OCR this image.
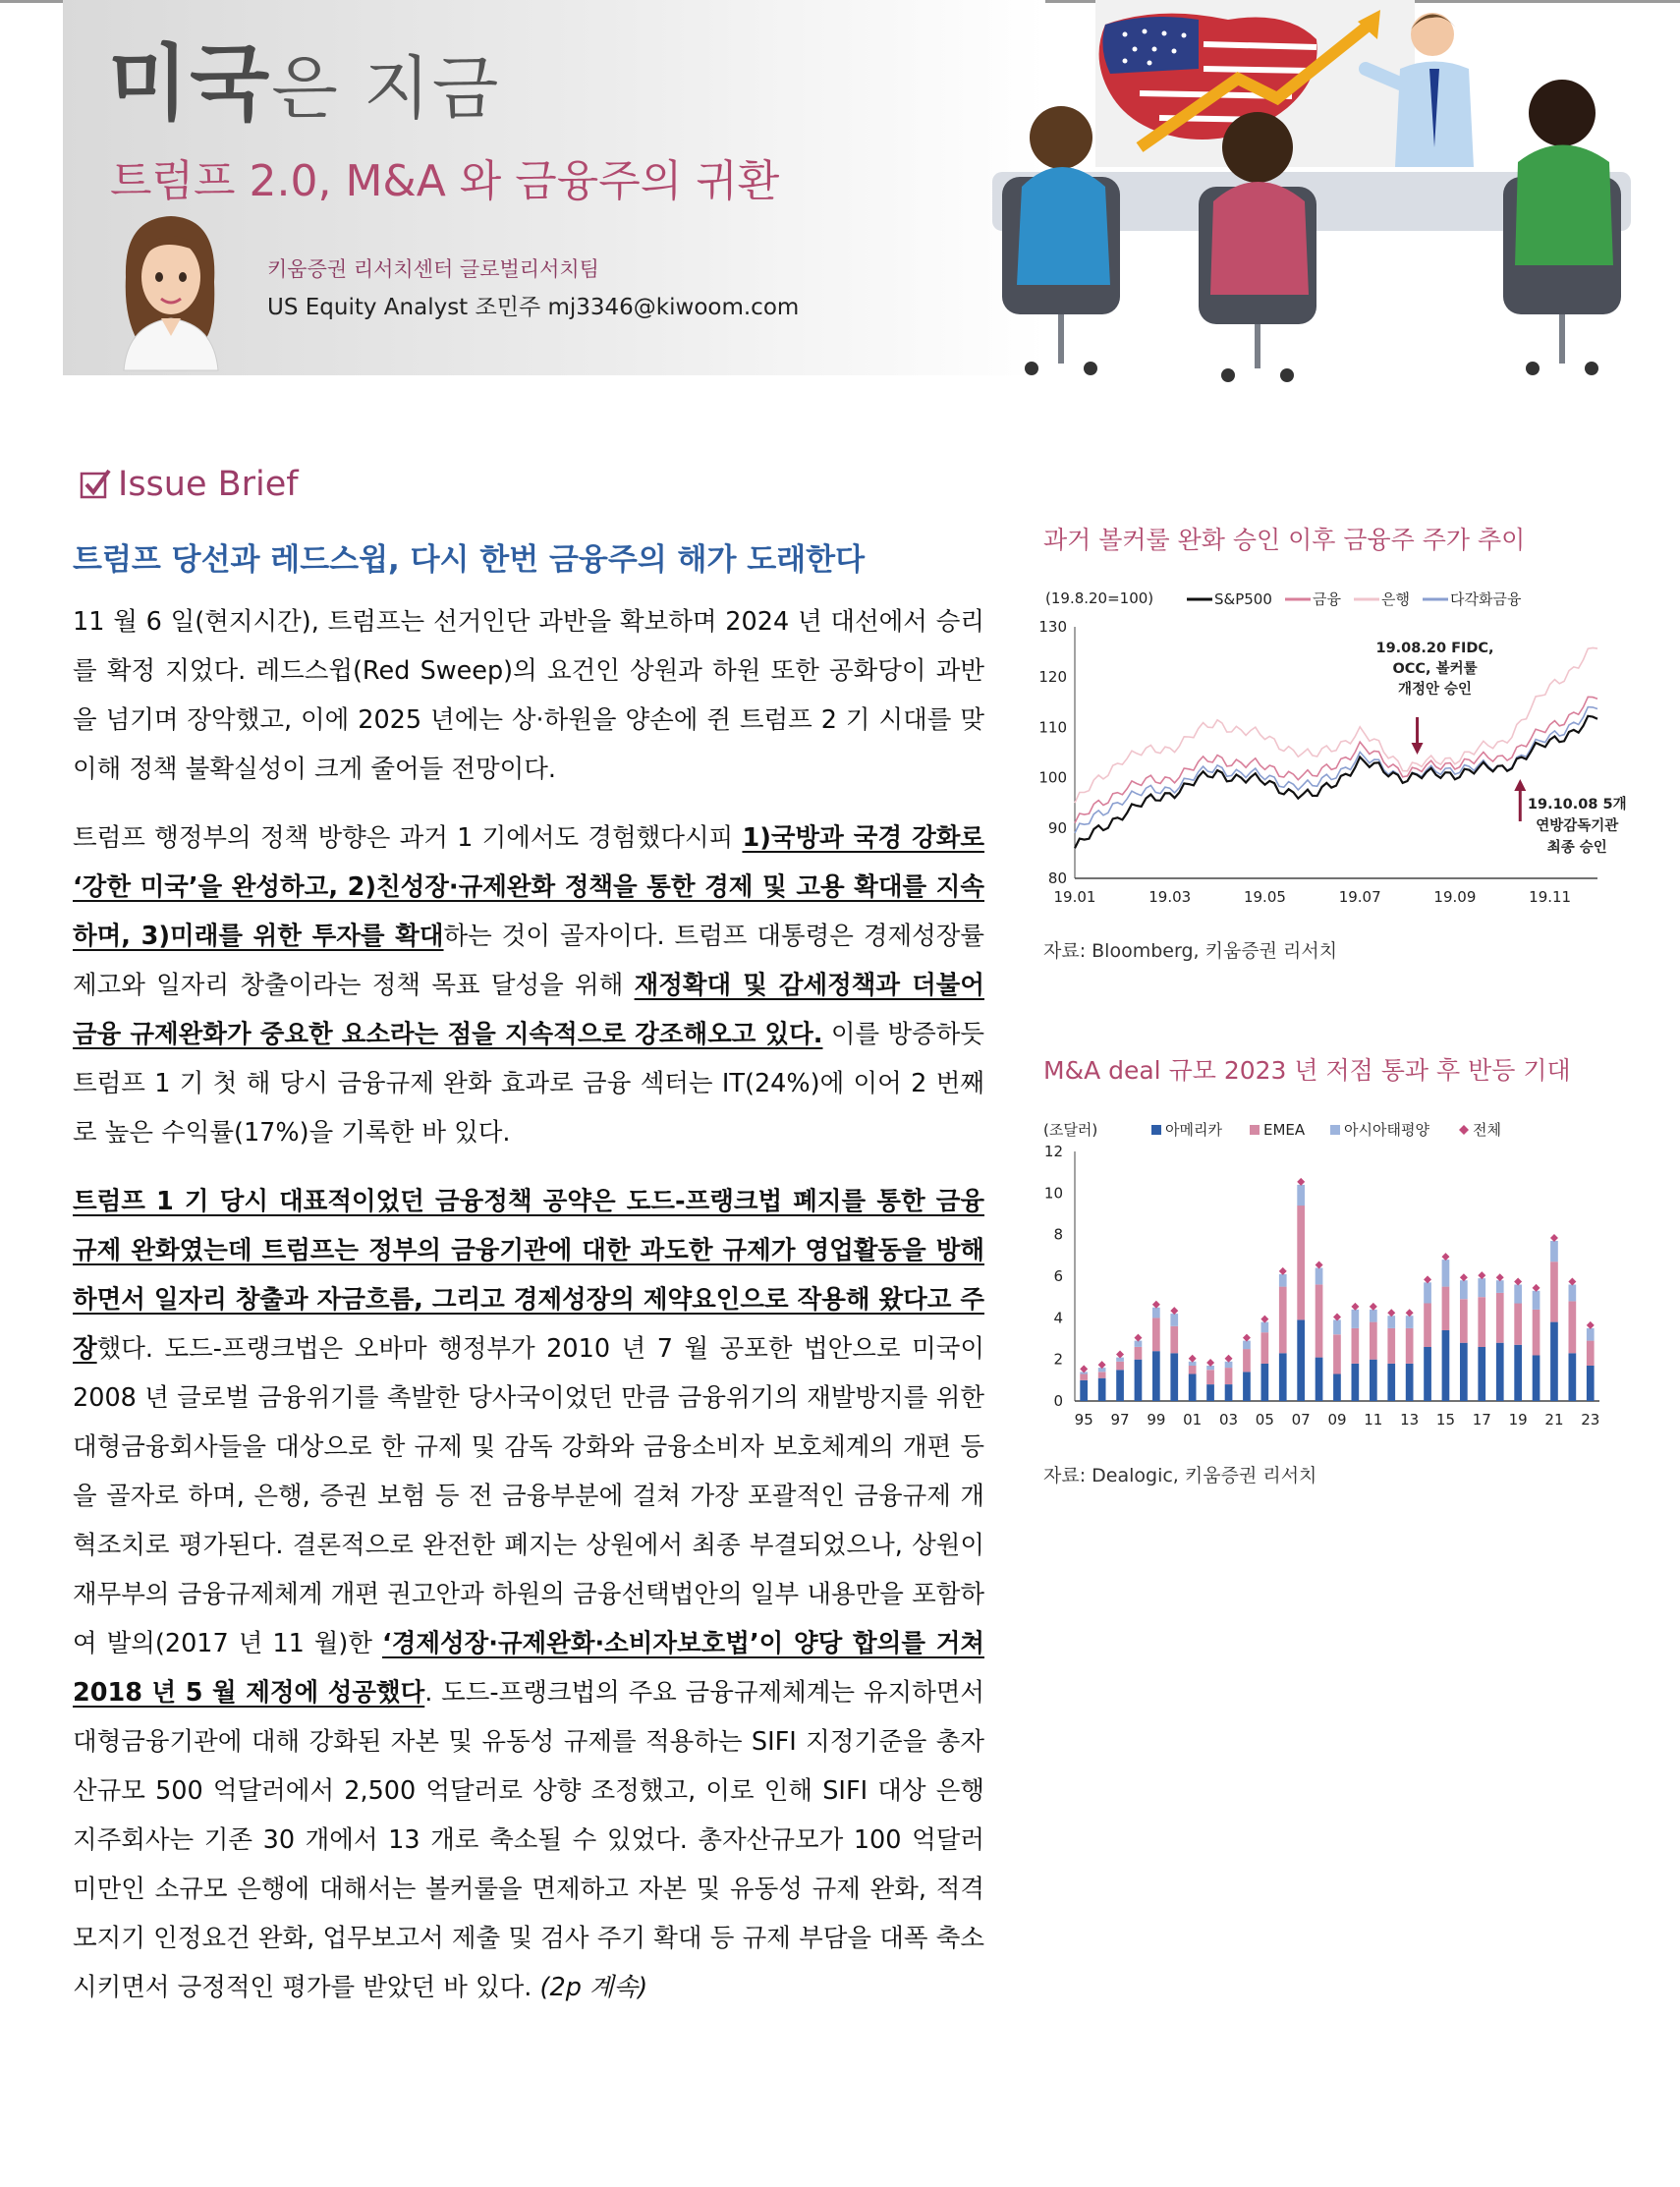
미국은 지금
트럼프 2.0, M&A 와 금융주의 귀환
키움증권 리서치센터 글로벌리서치팀
US Equity Analyst 조민주 mj3346@kiwoom.com
Issue Brief
트럼프 당선과 레드스윕, 다시 한번 금융주의 해가 도래한다

11 월 6 일(현지시간), 트럼프는 선거인단 과반을 확보하며 2024 년 대선에서 승리를 확정 지었다. 레드스윕(Red Sweep)의 요건인 상원과 하원 또한 공화당이 과반을 넘기며 장악했고, 이에 2025 년에는 상·하원을 양손에 쥔 트럼프 2 기 시대를 맞이해 정책 불확실성이 크게 줄어들 전망이다.

트럼프 행정부의 정책 방향은 과거 1 기에서도 경험했다시피 1)국방과 국경 강화로 ‘강한 미국’을 완성하고, 2)친성장·규제완화 정책을 통한 경제 및 고용 확대를 지속하며, 3)미래를 위한 투자를 확대하는 것이 골자이다. 트럼프 대통령은 경제성장률 제고와 일자리 창출이라는 정책 목표 달성을 위해 재정확대 및 감세정책과 더불어 금융 규제완화가 중요한 요소라는 점을 지속적으로 강조해오고 있다. 이를 방증하듯 트럼프 1 기 첫 해 당시 금융규제 완화 효과로 금융 섹터는 IT(24%)에 이어 2 번째로 높은 수익률(17%)을 기록한 바 있다.

트럼프 1 기 당시 대표적이었던 금융정책 공약은 도드-프랭크법 폐지를 통한 금융규제 완화였는데 트럼프는 정부의 금융기관에 대한 과도한 규제가 영업활동을 방해하면서 일자리 창출과 자금흐름, 그리고 경제성장의 제약요인으로 작용해 왔다고 주장했다. 도드-프랭크법은 오바마 행정부가 2010 년 7 월 공포한 법안으로 미국이 2008 년 글로벌 금융위기를 촉발한 당사국이었던 만큼 금융위기의 재발방지를 위한 대형금융회사들을 대상으로 한 규제 및 감독 강화와 금융소비자 보호체계의 개편 등을 골자로 하며, 은행, 증권 보험 등 전 금융부분에 걸쳐 가장 포괄적인 금융규제 개혁조치로 평가된다. 결론적으로 완전한 폐지는 상원에서 최종 부결되었으나, 상원이 재무부의 금융규제체계 개편 권고안과 하원의 금융선택법안의 일부 내용만을 포함하여 발의(2017 년 11 월)한 ‘경제성장·규제완화·소비자보호법’이 양당 합의를 거쳐 2018 년 5 월 제정에 성공했다. 도드-프랭크법의 주요 금융규제체계는 유지하면서 대형금융기관에 대해 강화된 자본 및 유동성 규제를 적용하는 SIFI 지정기준을 총자산규모 500 억달러에서 2,500 억달러로 상향 조정했고, 이로 인해 SIFI 대상 은행지주회사는 기존 30 개에서 13 개로 축소될 수 있었다. 총자산규모가 100 억달러 미만인 소규모 은행에 대해서는 볼커룰을 면제하고 자본 및 유동성 규제 완화, 적격 모지기 인정요건 완화, 업무보고서 제출 및 검사 주기 확대 등 규제 부담을 대폭 축소시키면서 긍정적인 평가를 받았던 바 있다. (2p 계속)

과거 볼커룰 완화 승인 이후 금융주 주가 추이
(19.8.20=100)
80
90
100
110
120
130
19.01	19.03	19.05	19.07	19.09	19.11
S&P500	금융	은행	다각화금융
19.08.20 FIDC,
OCC, 볼커룰
개정안 승인
19.10.08 5개
연방감독기관
최종 승인
자료: Bloomberg, 키움증권 리서치
M&A deal 규모 2023 년 저점 통과 후 반등 기대
(조달러)
0
2
4
6
8
10
12
아메리카	EMEA	아시아태평양	전체
95 97 99 01 03 05 07 09 11 13 15 17 19 21 23
자료: Dealogic, 키움증권 리서치
